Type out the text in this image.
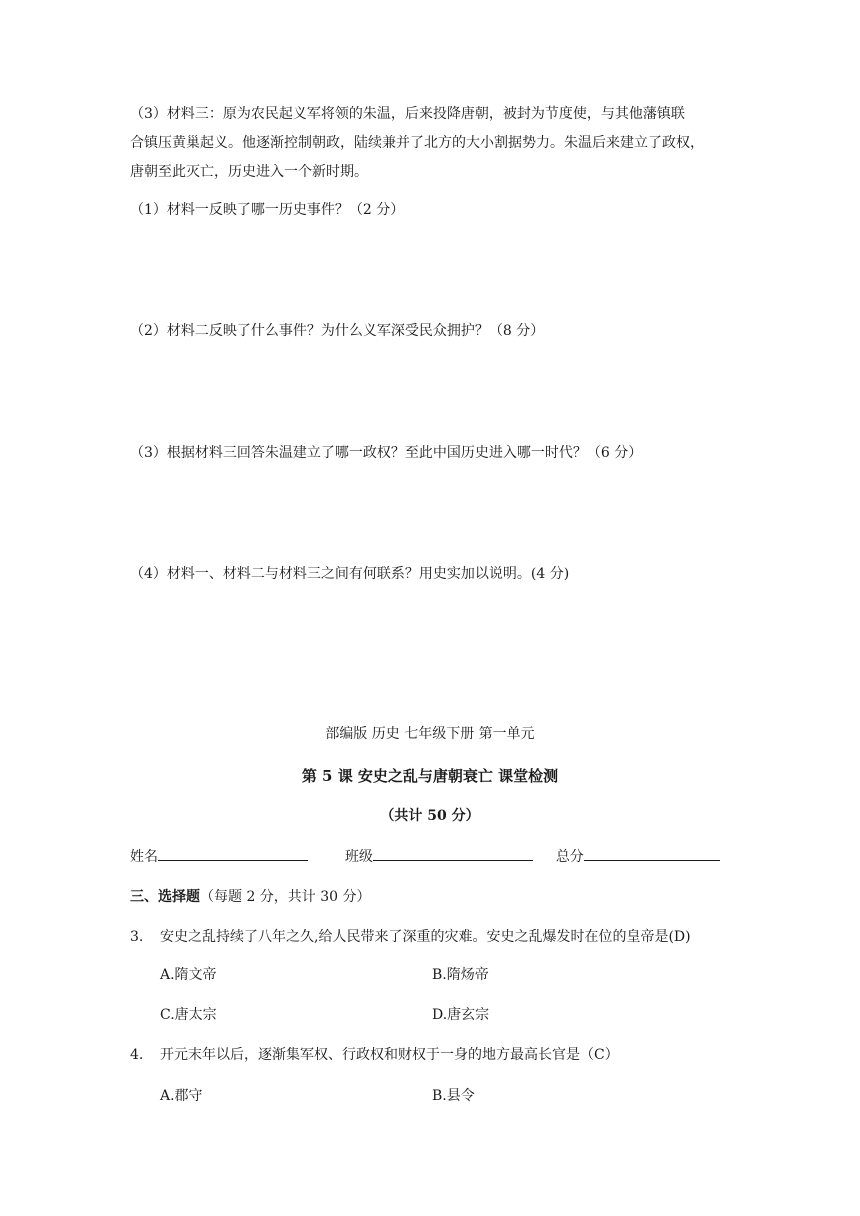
（3）材料三：原为农民起义军将领的朱温，后来投降唐朝，被封为节度使，与其他藩镇联
合镇压黄巢起义。他逐渐控制朝政，陆续兼并了北方的大小割据势力。朱温后来建立了政权，
唐朝至此灭亡，历史进入一个新时期。
（1）材料一反映了哪一历史事件？（2 分）
（2）材料二反映了什么事件？为什么义军深受民众拥护？（8 分）
（3）根据材料三回答朱温建立了哪一政权？至此中国历史进入哪一时代？（6 分）
（4）材料一、材料二与材料三之间有何联系？用史实加以说明。(4 分)
部编版 历史 七年级下册 第一单元
第 5 课 安史之乱与唐朝衰亡 课堂检测
（共计 50 分）
姓名	班级	总分
三、选择题（每题 2 分，共计 30 分）
3. 安史之乱持续了八年之久,给人民带来了深重的灾难。安史之乱爆发时在位的皇帝是(D)
A.隋文帝	B.隋炀帝
C.唐太宗	D.唐玄宗
4. 开元末年以后，逐渐集军权、行政权和财权于一身的地方最高长官是（C）
A.郡守	B.县令
